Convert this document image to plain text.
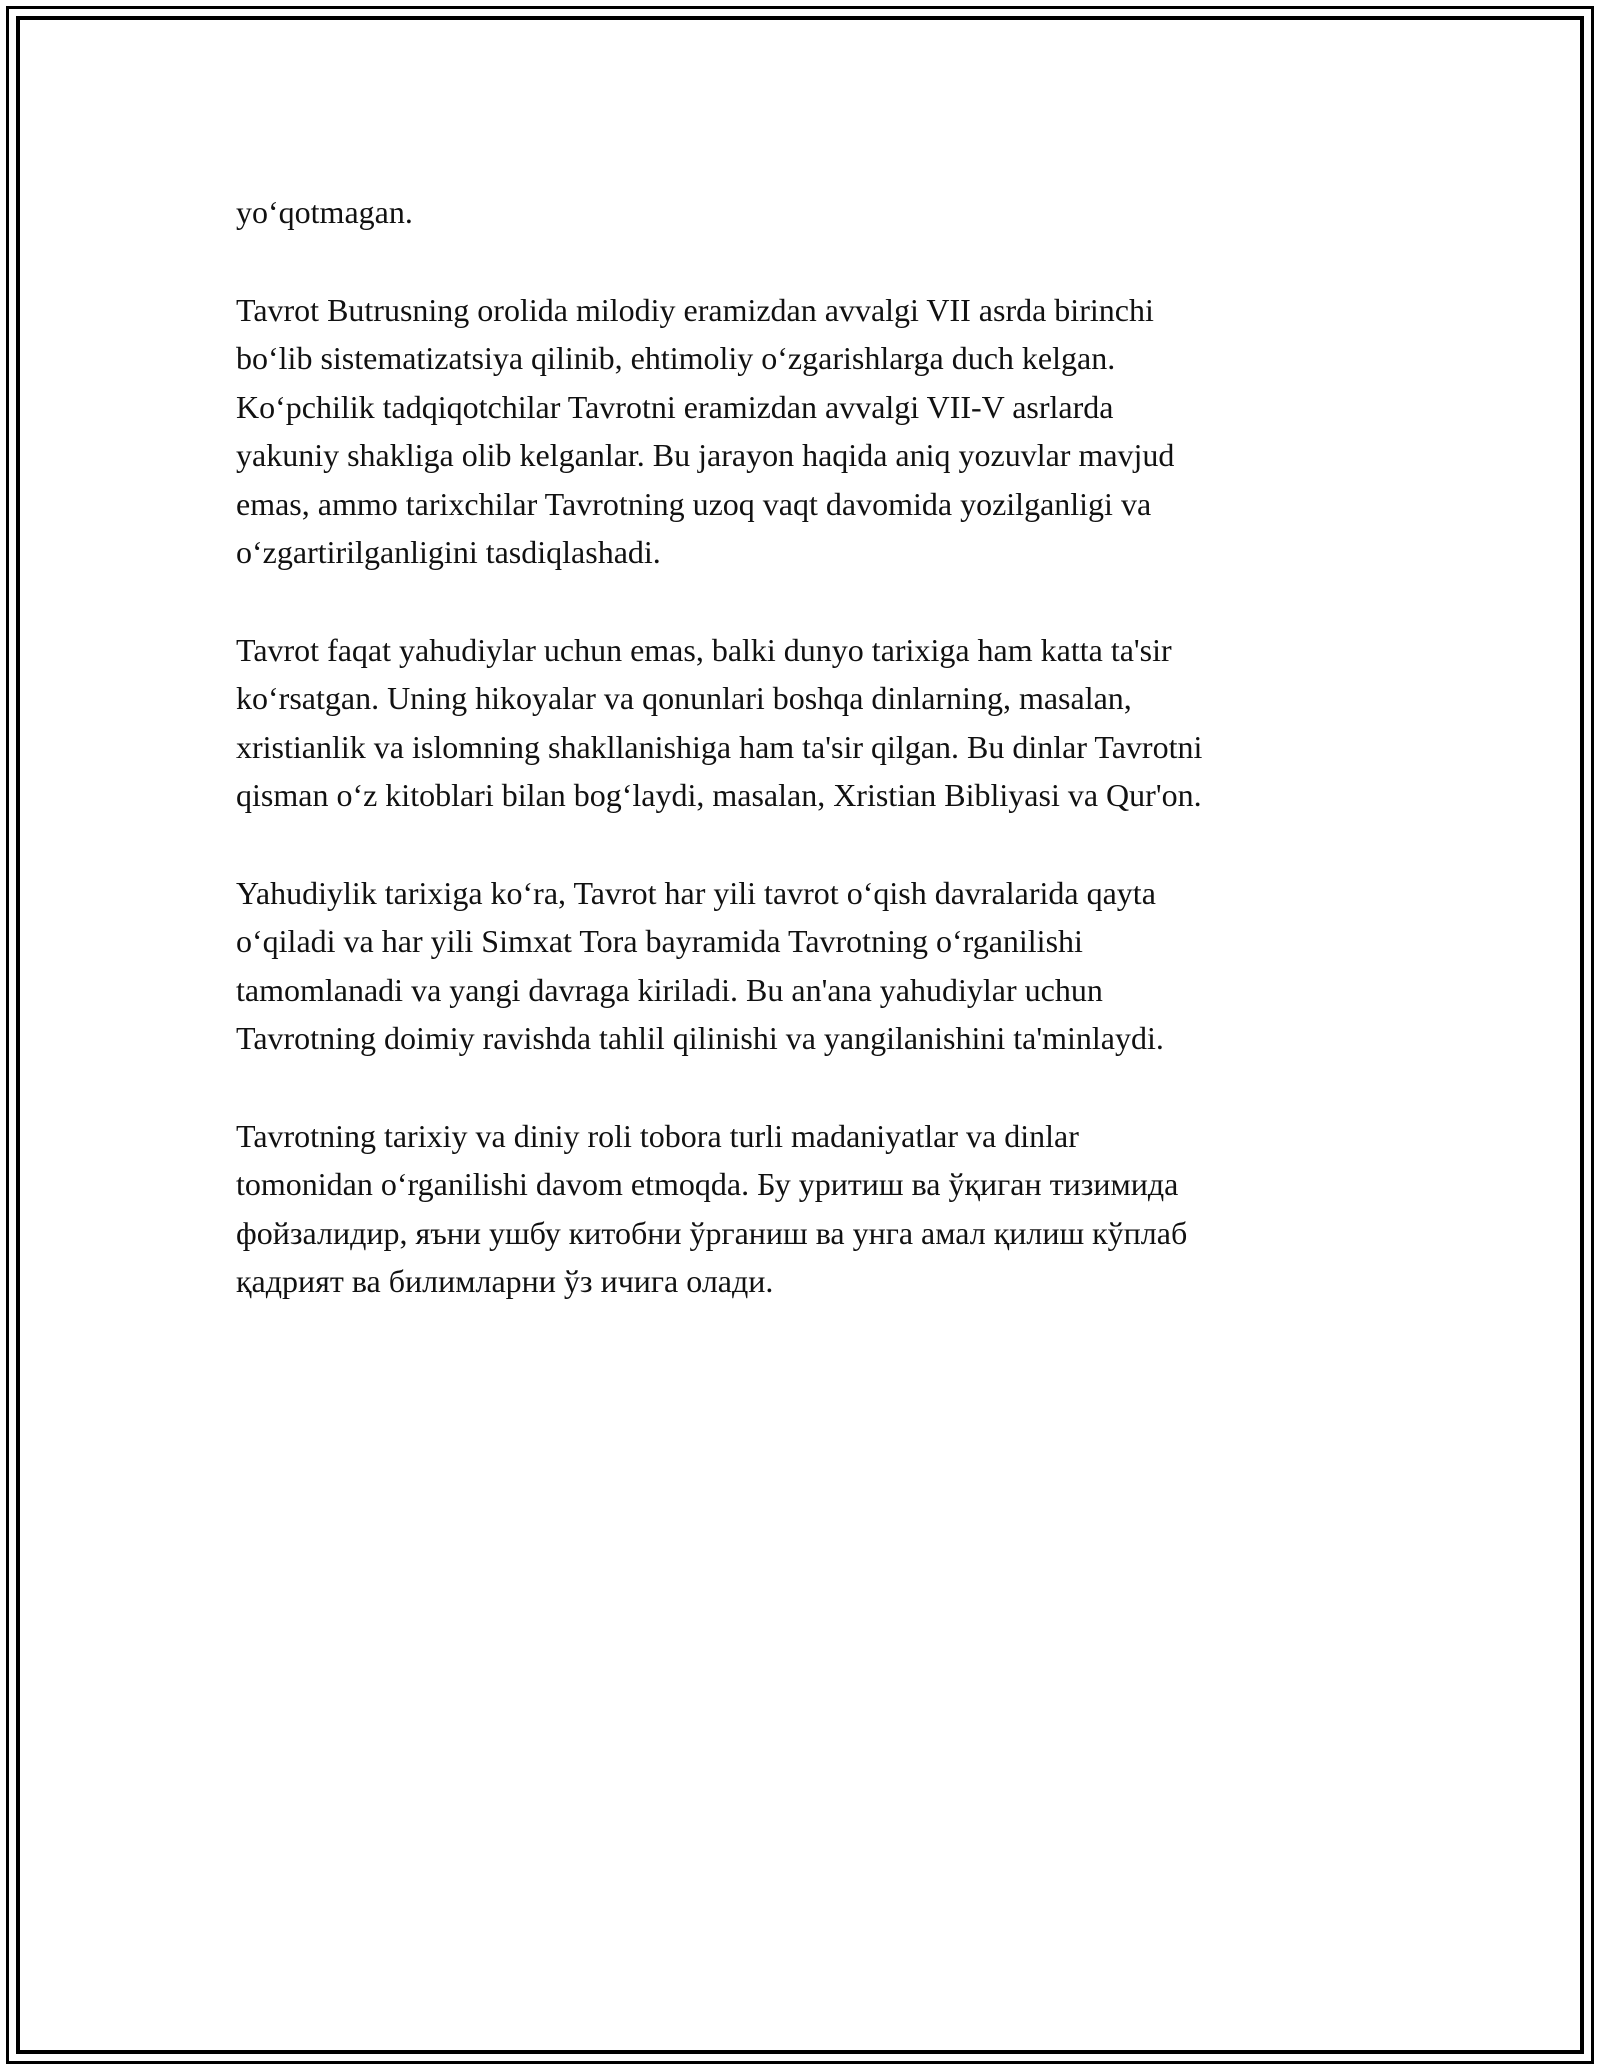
yo‘qotmagan.

Tavrot Butrusning orolida milodiy eramizdan avvalgi VII asrda birinchi
bo‘lib sistematizatsiya qilinib, ehtimoliy o‘zgarishlarga duch kelgan.
Ko‘pchilik tadqiqotchilar Tavrotni eramizdan avvalgi VII-V asrlarda
yakuniy shakliga olib kelganlar. Bu jarayon haqida aniq yozuvlar mavjud
emas, ammo tarixchilar Tavrotning uzoq vaqt davomida yozilganligi va
o‘zgartirilganligini tasdiqlashadi.

Tavrot faqat yahudiylar uchun emas, balki dunyo tarixiga ham katta ta'sir
ko‘rsatgan. Uning hikoyalar va qonunlari boshqa dinlarning, masalan,
xristianlik va islomning shakllanishiga ham ta'sir qilgan. Bu dinlar Tavrotni
qisman o‘z kitoblari bilan bog‘laydi, masalan, Xristian Bibliyasi va Qur'on.

Yahudiylik tarixiga ko‘ra, Tavrot har yili tavrot o‘qish davralarida qayta
o‘qiladi va har yili Simxat Tora bayramida Tavrotning o‘rganilishi
tamomlanadi va yangi davraga kiriladi. Bu an'ana yahudiylar uchun
Tavrotning doimiy ravishda tahlil qilinishi va yangilanishini ta'minlaydi.

Tavrotning tarixiy va diniy roli tobora turli madaniyatlar va dinlar
tomonidan o‘rganilishi davom etmoqda. Бу уритиш ва ўқиган тизимида
фойзалидир, яъни ушбу китобни ўрганиш ва унга амал қилиш кўплаб
қадрият ва билимларни ўз ичига олади.
